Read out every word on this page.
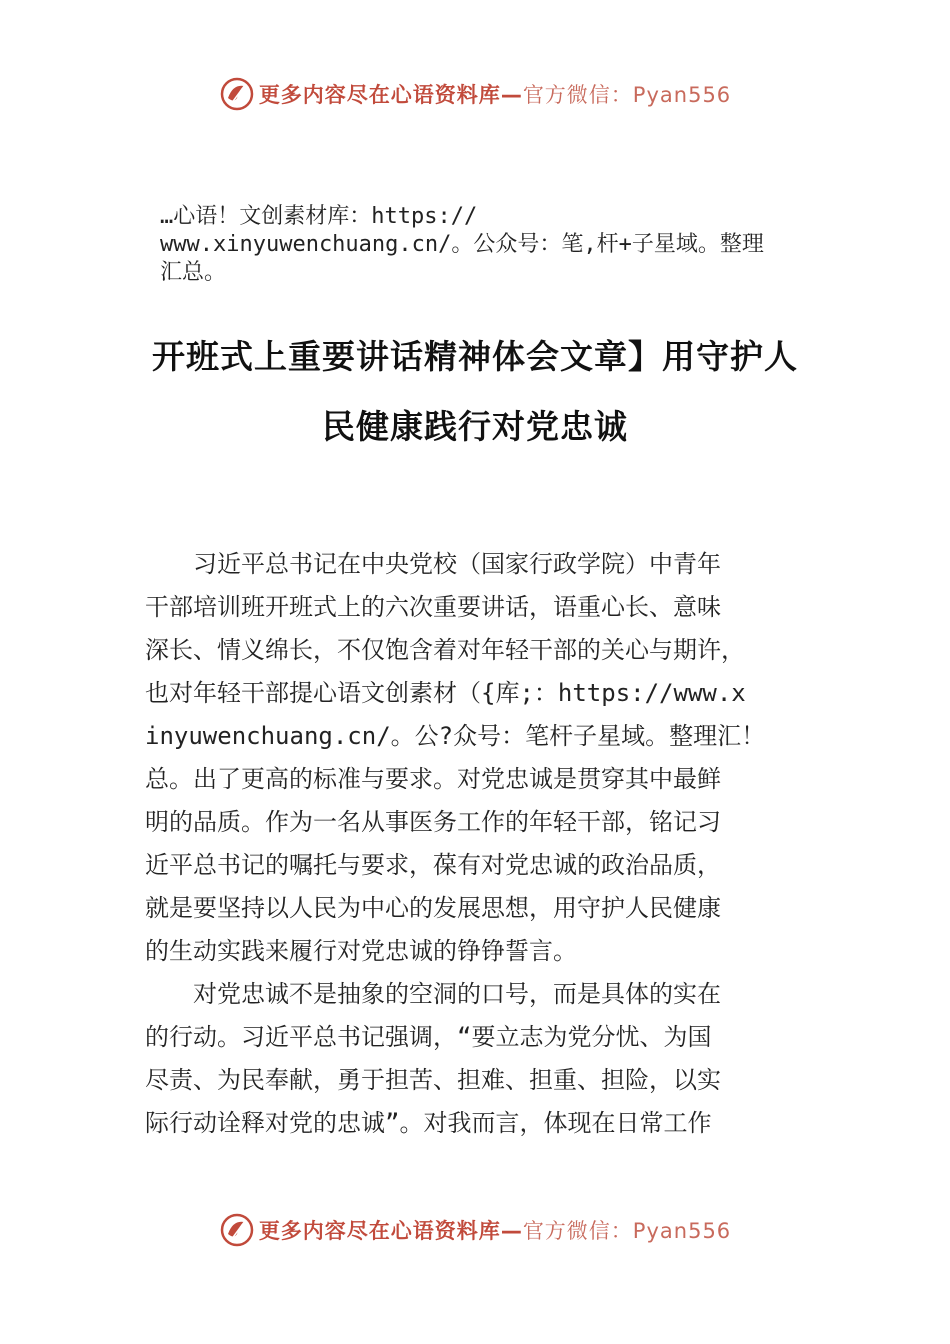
更多内容尽在心语资料库—官方微信：Pyan556
…心语！文创素材库：https://
www.xinyuwenchuang.cn/。公众号：笔,杆+子星域。整理
汇总。
开班式上重要讲话精神体会文章】用守护人
民健康践行对党忠诚
　　习近平总书记在中央党校（国家行政学院）中青年
干部培训班开班式上的六次重要讲话，语重心长、意味
深长、情义绵长，不仅饱含着对年轻干部的关心与期许，
也对年轻干部提心语文创素材（{库;：https://www.x
inyuwenchuang.cn/。公?众号：笔杆子星域。整理汇！
总。出了更高的标准与要求。对党忠诚是贯穿其中最鲜
明的品质。作为一名从事医务工作的年轻干部，铭记习
近平总书记的嘱托与要求，葆有对党忠诚的政治品质，
就是要坚持以人民为中心的发展思想，用守护人民健康
的生动实践来履行对党忠诚的铮铮誓言。
　　对党忠诚不是抽象的空洞的口号，而是具体的实在
的行动。习近平总书记强调，“要立志为党分忧、为国
尽责、为民奉献，勇于担苦、担难、担重、担险，以实
际行动诠释对党的忠诚”。对我而言，体现在日常工作
更多内容尽在心语资料库—官方微信：Pyan556
